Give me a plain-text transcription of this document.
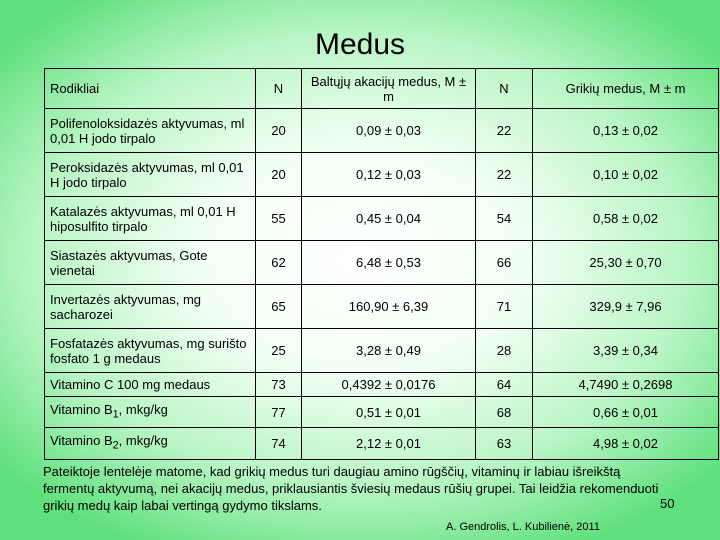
Medus
Rodikliai	N	Baltųjų akacijų medus, M ± m	N	Grikių medus, M ± m
Polifenoloksidazės aktyvumas, ml 0,01 H jodo tirpalo	20	0,09 ± 0,03	22	0,13 ± 0,02
Peroksidazės aktyvumas, ml 0,01 H jodo tirpalo	20	0,12 ± 0,03	22	0,10 ± 0,02
Katalazės aktyvumas, ml 0,01 H hiposulfito tirpalo	55	0,45 ± 0,04	54	0,58 ± 0,02
Siastazės aktyvumas, Gote vienetai	62	6,48 ± 0,53	66	25,30 ± 0,70
Invertazės aktyvumas, mg sacharozei	65	160,90 ± 6,39	71	329,9 ± 7,96
Fosfatazės aktyvumas, mg surišto fosfato 1 g medaus	25	3,28 ± 0,49	28	3,39 ± 0,34
Vitamino C 100 mg medaus	73	0,4392 ± 0,0176	64	4,7490 ± 0,2698
Vitamino $B_1$, mkg/kg	77	0,51 ± 0,01	68	0,66 ± 0,01
Vitamino $B_2$, mkg/kg	74	2,12 ± 0,01	63	4,98 ± 0,02
Pateiktoje lentelėje matome, kad grikių medus turi daugiau amino rūgščių, vitaminų ir labiau išreikštą fermentų aktyvumą, nei akacijų medus, priklausiantis šviesių medaus rūšių grupei. Tai leidžia rekomenduoti grikių medų kaip labai vertingą gydymo tikslams.	50
A. Gendrolis, L. Kubilienė, 2011
